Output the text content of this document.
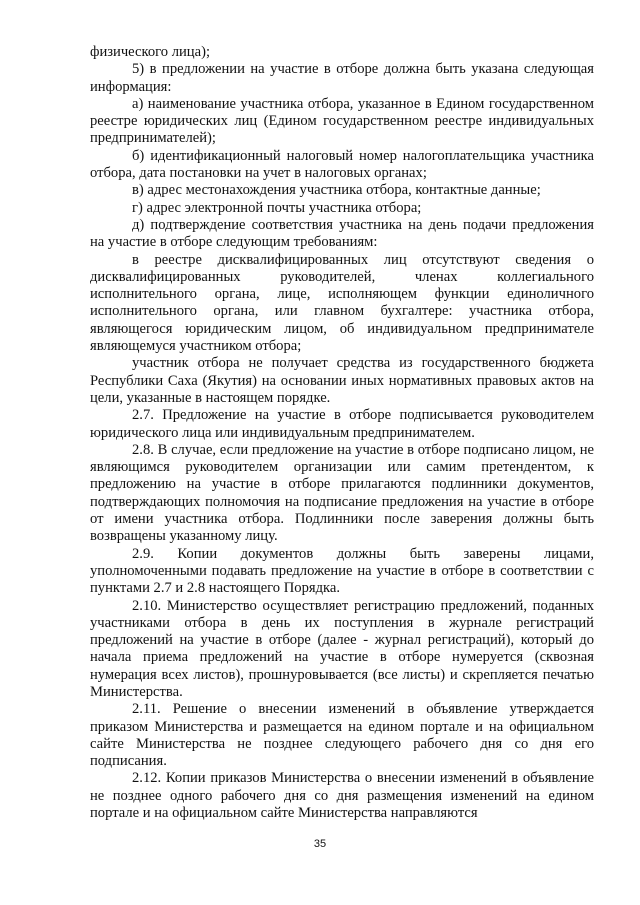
физического лица);

5) в предложении на участие в отборе должна быть указана следующая информация:

а) наименование участника отбора, указанное в Едином государственном реестре юридических лиц (Едином государственном реестре индивидуальных предпринимателей);

б) идентификационный налоговый номер налогоплательщика участника отбора, дата постановки на учет в налоговых органах;

в) адрес местонахождения участника отбора, контактные данные;

г) адрес электронной почты участника отбора;

д) подтверждение соответствия участника на день подачи предложения на участие в отборе следующим требованиям:

в реестре дисквалифицированных лиц отсутствуют сведения о дисквалифицированных руководителей, членах коллегиального исполнительного органа, лице, исполняющем функции единоличного исполнительного органа, или главном бухгалтере: участника отбора, являющегося юридическим лицом, об индивидуальном предпринимателе являющемуся участником отбора;

участник отбора не получает средства из государственного бюджета Республики Саха (Якутия) на основании иных нормативных правовых актов на цели, указанные в настоящем порядке.

2.7. Предложение на участие в отборе подписывается руководителем юридического лица или индивидуальным предпринимателем.

2.8. В случае, если предложение на участие в отборе подписано лицом, не являющимся руководителем организации или самим претендентом, к предложению на участие в отборе прилагаются подлинники документов, подтверждающих полномочия на подписание предложения на участие в отборе от имени участника отбора. Подлинники после заверения должны быть возвращены указанному лицу.

2.9. Копии документов должны быть заверены лицами, уполномоченными подавать предложение на участие в отборе в соответствии с пунктами 2.7 и 2.8 настоящего Порядка.

2.10. Министерство осуществляет регистрацию предложений, поданных участниками отбора в день их поступления в журнале регистраций предложений на участие в отборе (далее - журнал регистраций), который до начала приема предложений на участие в отборе нумеруется (сквозная нумерация всех листов), прошнуровывается (все листы) и скрепляется печатью Министерства.

2.11. Решение о внесении изменений в объявление утверждается приказом Министерства и размещается на едином портале и на официальном сайте Министерства не позднее следующего рабочего дня со дня его подписания.

2.12. Копии приказов Министерства о внесении изменений в объявление не позднее одного рабочего дня со дня размещения изменений на едином портале и на официальном сайте Министерства направляются

35
